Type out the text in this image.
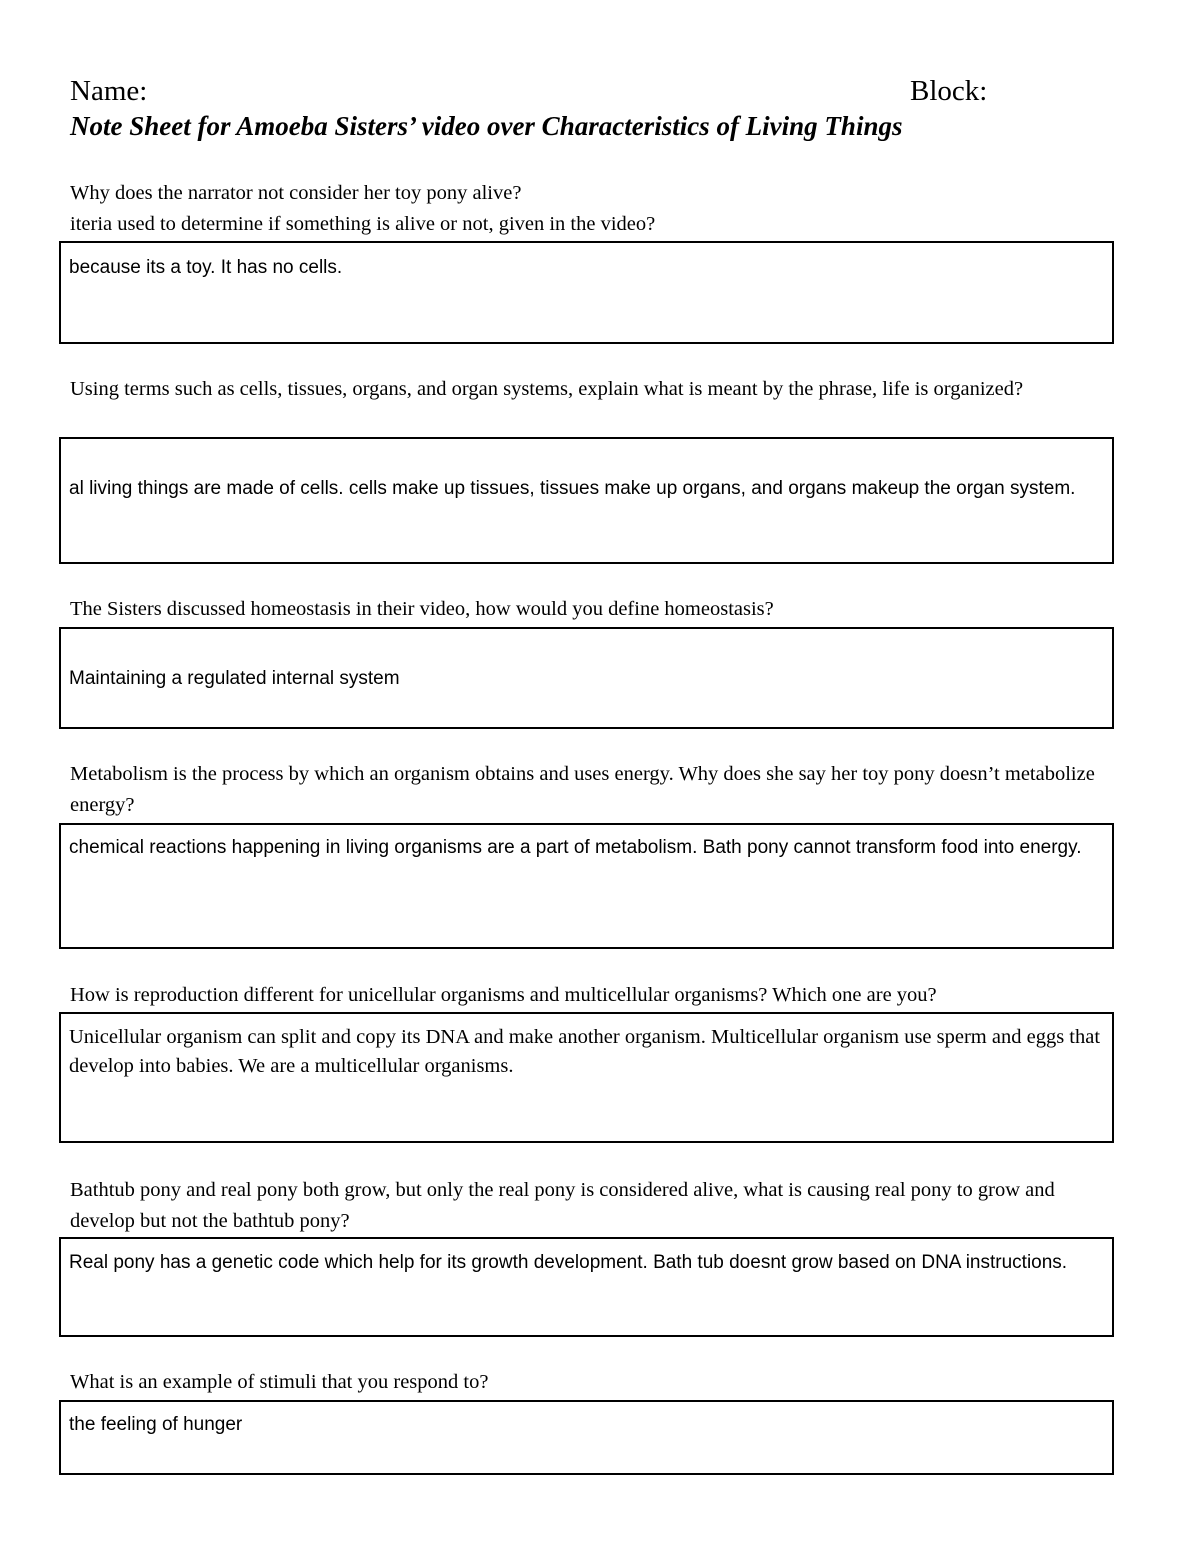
Name:	Block:
Note Sheet for Amoeba Sisters’ video over Characteristics of Living Things
Why does the narrator not consider her toy pony alive?
iteria used to determine if something is alive or not, given in the video?
because its a toy. It has no cells.
Using terms such as cells, tissues, organs, and organ systems, explain what is meant by the phrase, life is organized?
al living things are made of cells. cells make up tissues, tissues make up organs, and organs makeup the organ system.
The Sisters discussed homeostasis in their video, how would you define homeostasis?
Maintaining a regulated internal system
Metabolism is the process by which an organism obtains and uses energy. Why does she say her toy pony doesn’t metabolize energy?
chemical reactions happening in living organisms are a part of metabolism. Bath pony cannot transform food into energy.
How is reproduction different for unicellular organisms and multicellular organisms? Which one are you?
Unicellular organism can split and copy its DNA and make another organism. Multicellular organism use sperm and eggs that develop into babies. We are a multicellular organisms.
Bathtub pony and real pony both grow, but only the real pony is considered alive, what is causing real pony to grow and develop but not the bathtub pony?
Real pony has a genetic code which help for its growth development. Bath tub doesnt grow based on DNA instructions.
What is an example of stimuli that you respond to?
the feeling of hunger
